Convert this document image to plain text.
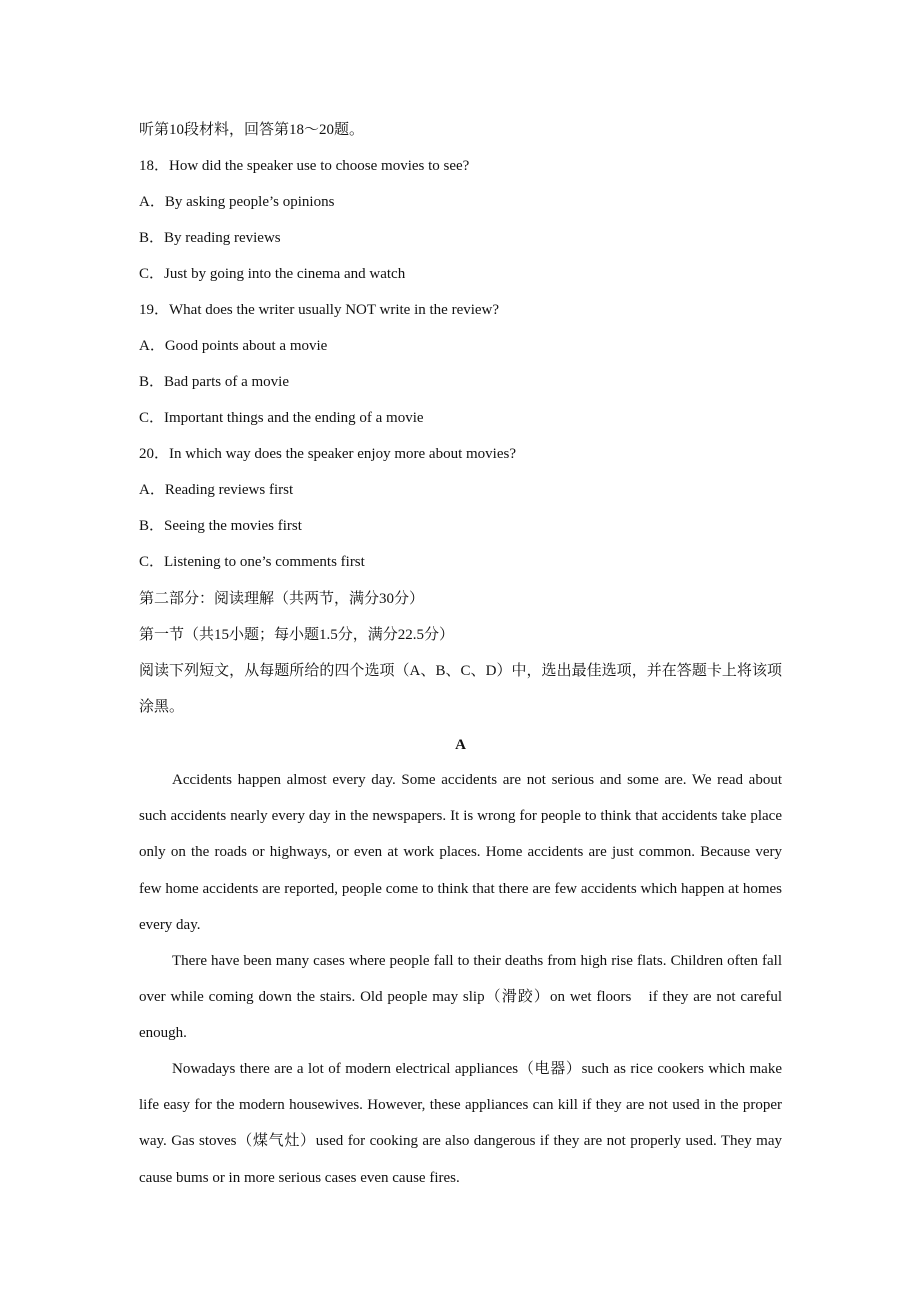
听第10段材料，回答第18～20题。
18．How did the speaker use to choose movies to see?
A．By asking people’s opinions
B．By reading reviews
C．Just by going into the cinema and watch
19．What does the writer usually NOT write in the review?
A．Good points about a movie
B．Bad parts of a movie
C．Important things and the ending of a movie
20．In which way does the speaker enjoy more about movies?
A．Reading reviews first
B．Seeing the movies first
C．Listening to one’s comments first
第二部分：阅读理解（共两节，满分30分）
第一节（共15小题；每小题1.5分，满分22.5分）
阅读下列短文，从每题所给的四个选项（A、B、C、D）中，选出最佳选项，并在答题卡上将该项涂黑。
A
Accidents happen almost every day. Some accidents are not serious and some are. We read about such accidents nearly every day in the newspapers. It is wrong for people to think that accidents take place only on the roads or highways, or even at work places. Home accidents are just common. Because very few home accidents are reported, people come to think that there are few accidents which happen at homes every day.
There have been many cases where people fall to their deaths from high rise flats. Children often fall over while coming down the stairs. Old people may slip（滑跤）on wet floors　if they are not careful enough.
Nowadays there are a lot of modern electrical appliances（电器）such as rice cookers which make life easy for the modern housewives. However, these appliances can kill if they are not used in the proper way. Gas stoves（煤气灶）used for cooking are also dangerous if they are not properly used. They may cause bums or in more serious cases even cause fires.
